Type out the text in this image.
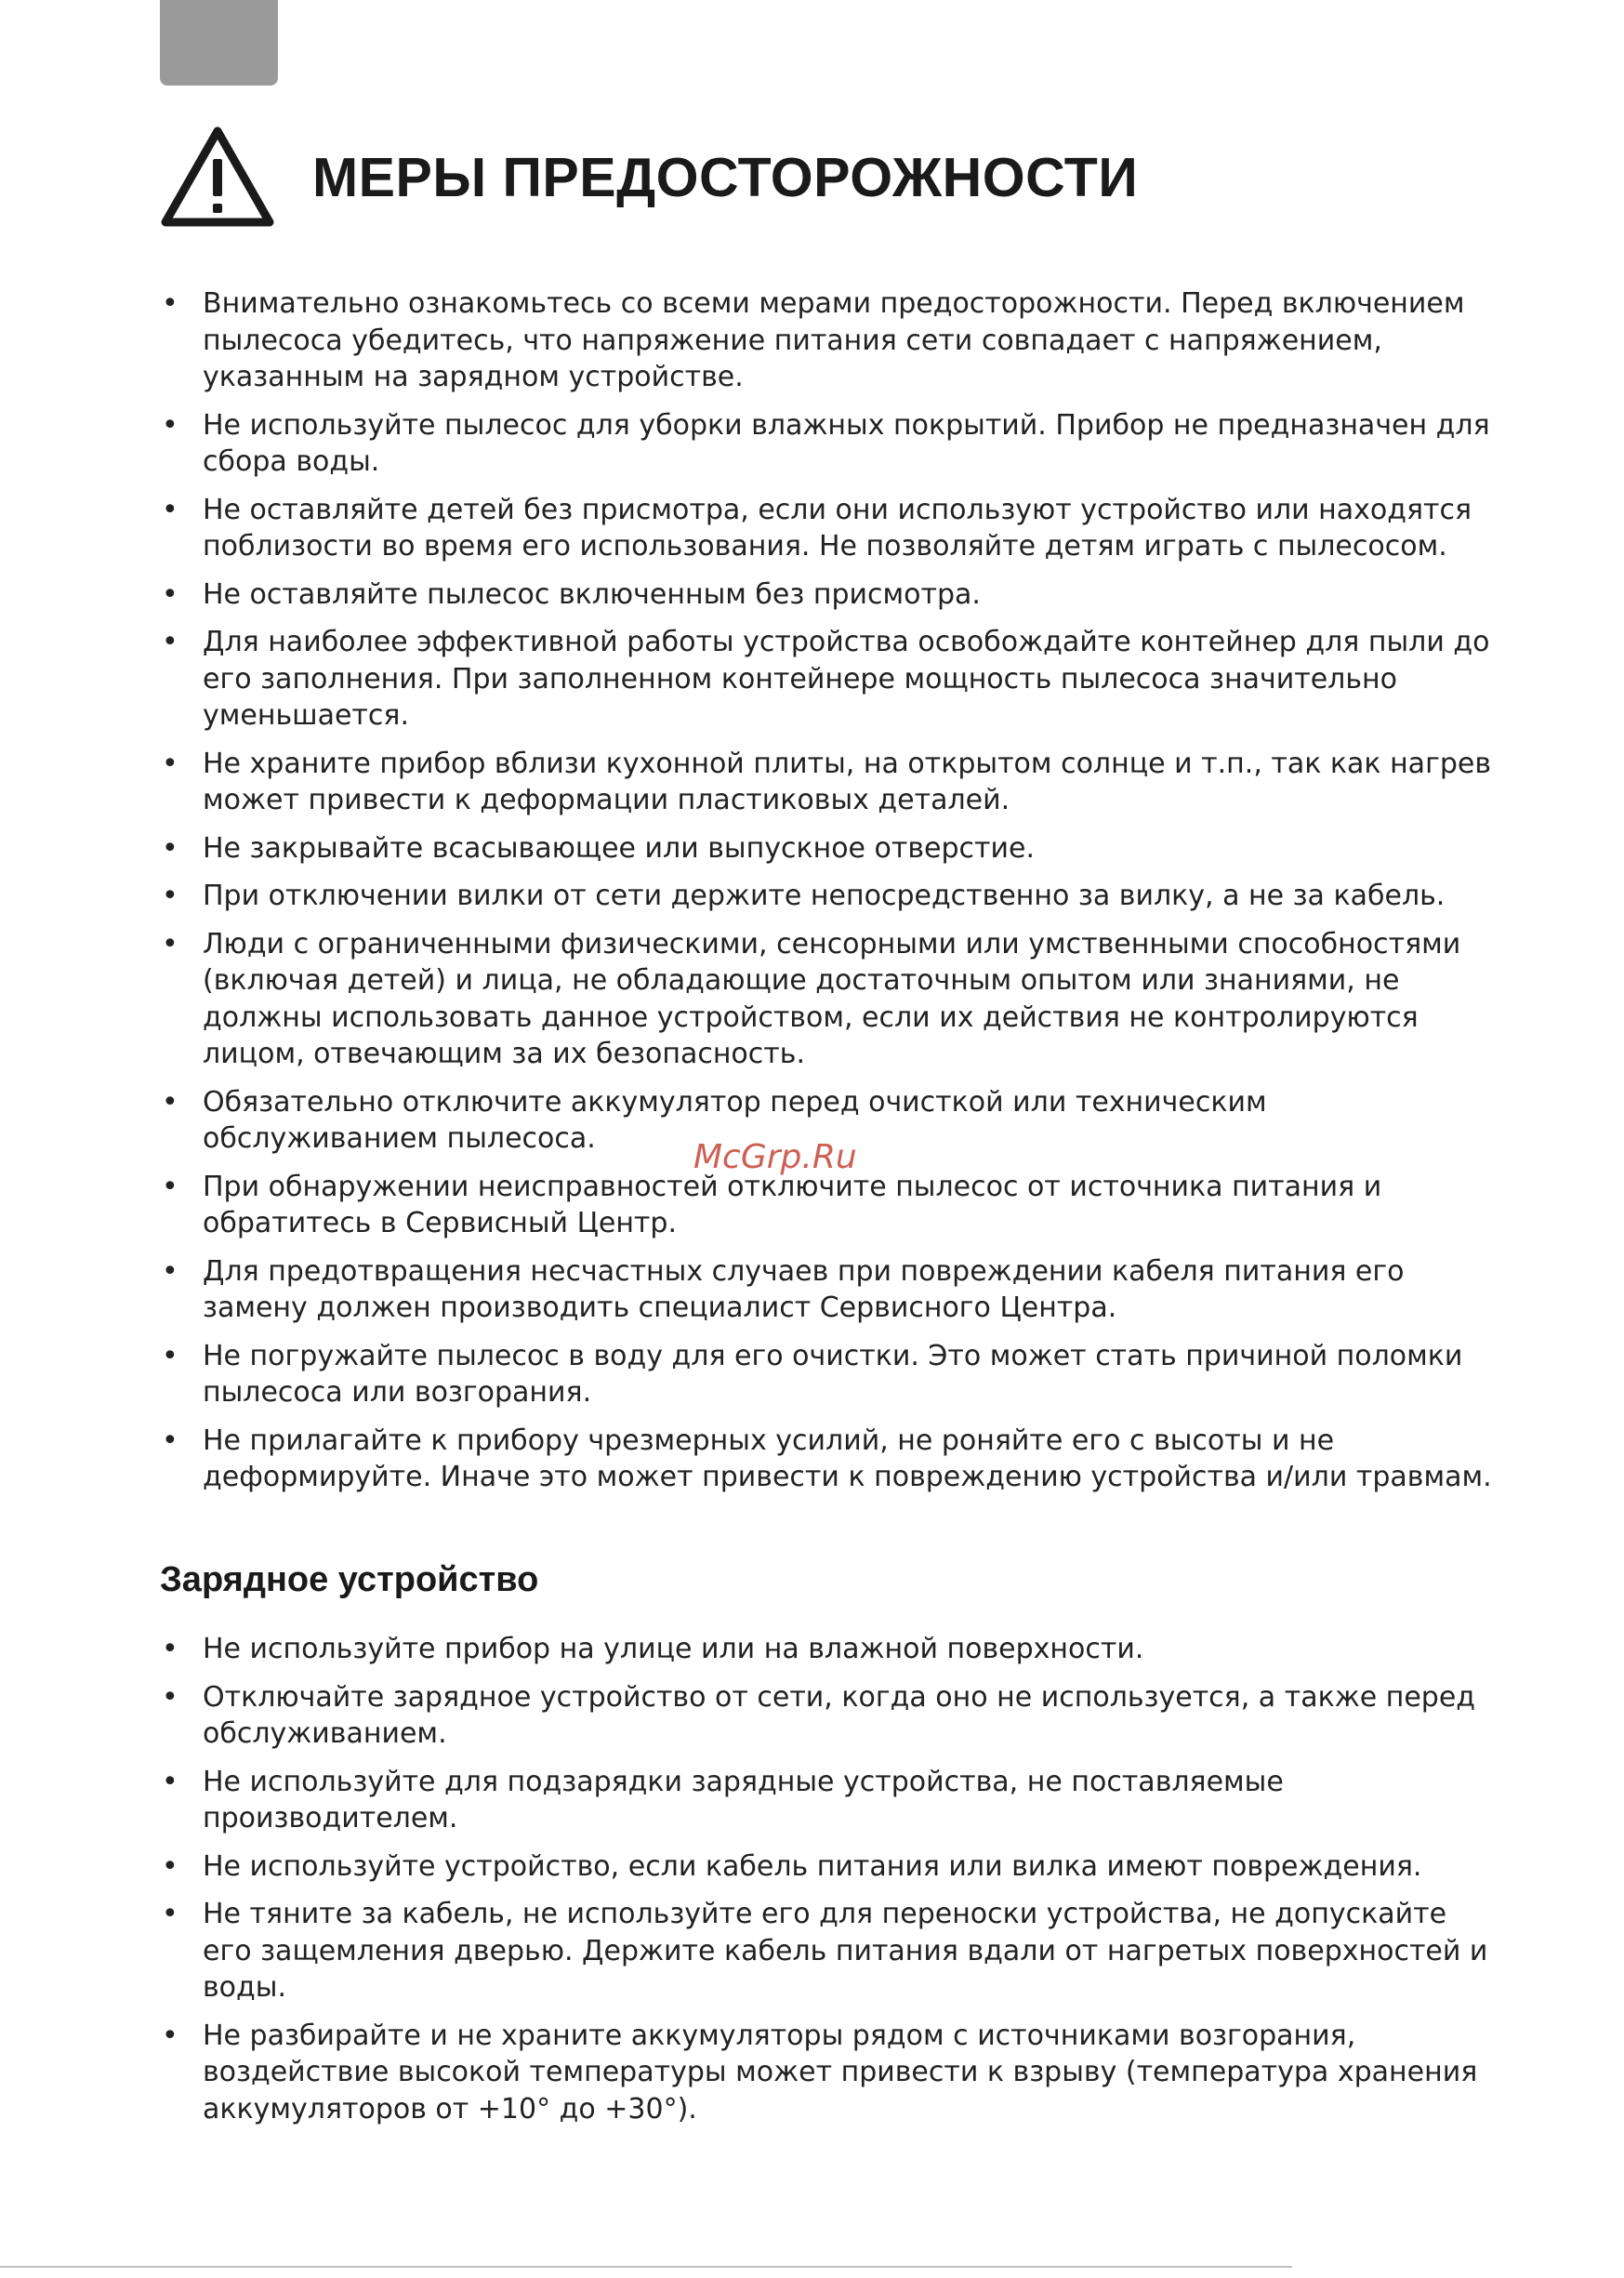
МЕРЫ ПРЕДОСТОРОЖНОСТИ
• Внимательно ознакомьтесь со всеми мерами предосторожности. Перед включением пылесоса убедитесь, что напряжение питания сети совпадает с напряжением, указанным на зарядном устройстве.
• Не используйте пылесос для уборки влажных покрытий. Прибор не предназначен для сбора воды.
• Не оставляйте детей без присмотра, если они используют устройство или находятся поблизости во время его использования. Не позволяйте детям играть с пылесосом.
• Не оставляйте пылесос включенным без присмотра.
• Для наиболее эффективной работы устройства освобождайте контейнер для пыли до его заполнения. При заполненном контейнере мощность пылесоса значительно уменьшается.
• Не храните прибор вблизи кухонной плиты, на открытом солнце и т.п., так как нагрев может привести к деформации пластиковых деталей.
• Не закрывайте всасывающее или выпускное отверстие.
• При отключении вилки от сети держите непосредственно за вилку, а не за кабель.
• Люди с ограниченными физическими, сенсорными или умственными способностями (включая детей) и лица, не обладающие достаточным опытом или знаниями, не должны использовать данное устройством, если их действия не контролируются лицом, отвечающим за их безопасность.
• Обязательно отключите аккумулятор перед очисткой или техническим обслуживанием пылесоса.
• При обнаружении неисправностей отключите пылесос от источника питания и обратитесь в Сервисный Центр.
• Для предотвращения несчастных случаев при повреждении кабеля питания его замену должен производить специалист Сервисного Центра.
• Не погружайте пылесос в воду для его очистки. Это может стать причиной поломки пылесоса или возгорания.
• Не прилагайте к прибору чрезмерных усилий, не роняйте его с высоты и не деформируйте. Иначе это может привести к повреждению устройства и/или травмам.
McGrp.Ru
Зарядное устройство
• Не используйте прибор на улице или на влажной поверхности.
• Отключайте зарядное устройство от сети, когда оно не используется, а также перед обслуживанием.
• Не используйте для подзарядки зарядные устройства, не поставляемые производителем.
• Не используйте устройство, если кабель питания или вилка имеют повреждения.
• Не тяните за кабель, не используйте его для переноски устройства, не допускайте его защемления дверью. Держите кабель питания вдали от нагретых поверхностей и воды.
• Не разбирайте и не храните аккумуляторы рядом с источниками возгорания, воздействие высокой температуры может привести к взрыву (температура хранения аккумуляторов от +10° до +30°).
